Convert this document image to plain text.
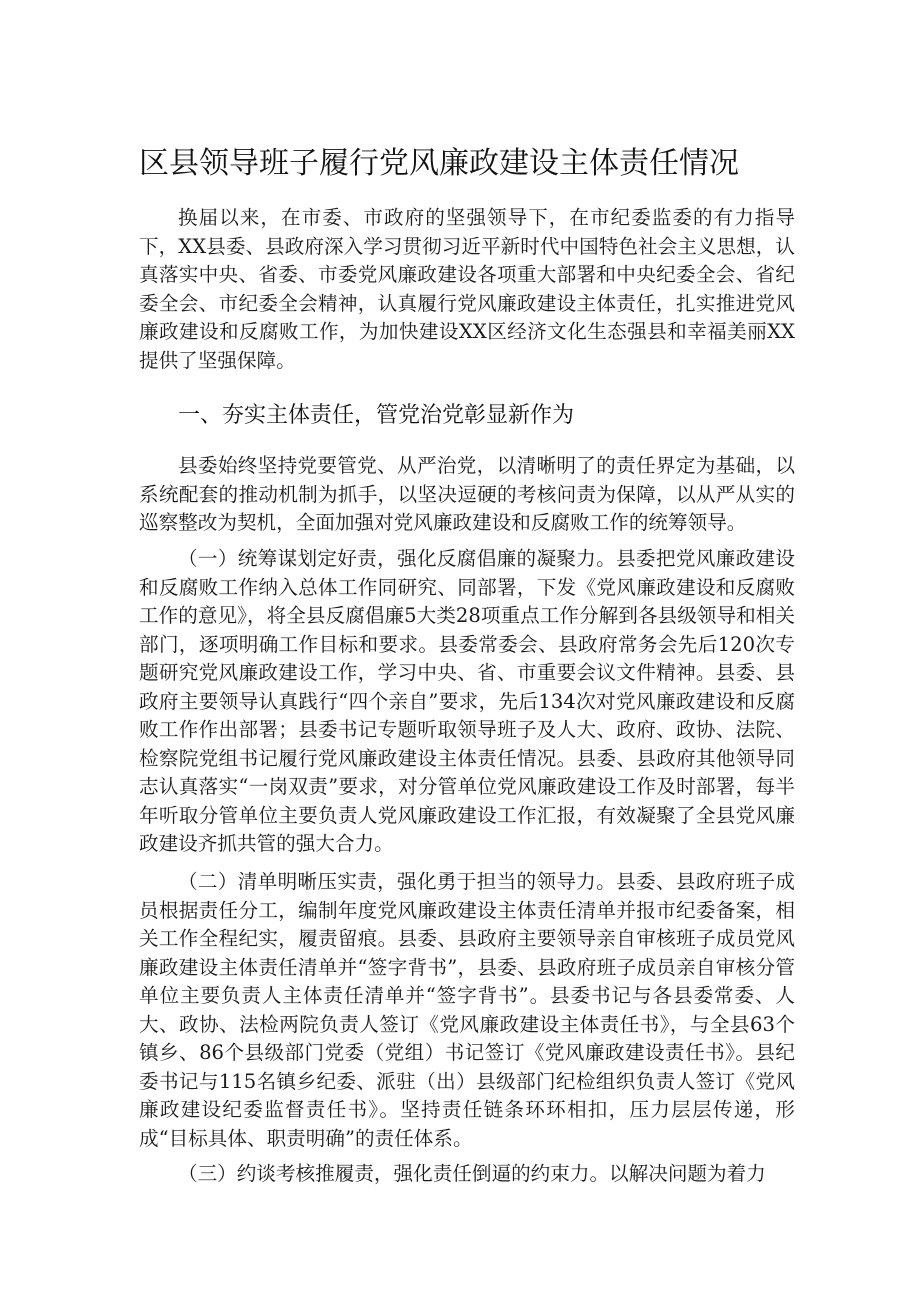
区县领导班子履行党风廉政建设主体责任情况

换届以来，在市委、市政府的坚强领导下，在市纪委监委的有力指导下，XX县委、县政府深入学习贯彻习近平新时代中国特色社会主义思想，认真落实中央、省委、市委党风廉政建设各项重大部署和中央纪委全会、省纪委全会、市纪委全会精神，认真履行党风廉政建设主体责任，扎实推进党风廉政建设和反腐败工作，为加快建设XX区经济文化生态强县和幸福美丽XX提供了坚强保障。

一、夯实主体责任，管党治党彰显新作为

县委始终坚持党要管党、从严治党，以清晰明了的责任界定为基础，以系统配套的推动机制为抓手，以坚决逗硬的考核问责为保障，以从严从实的巡察整改为契机，全面加强对党风廉政建设和反腐败工作的统筹领导。

（一）统筹谋划定好责，强化反腐倡廉的凝聚力。县委把党风廉政建设和反腐败工作纳入总体工作同研究、同部署，下发《党风廉政建设和反腐败工作的意见》，将全县反腐倡廉5大类28项重点工作分解到各县级领导和相关部门，逐项明确工作目标和要求。县委常委会、县政府常务会先后120次专题研究党风廉政建设工作，学习中央、省、市重要会议文件精神。县委、县政府主要领导认真践行“四个亲自”要求，先后134次对党风廉政建设和反腐败工作作出部署；县委书记专题听取领导班子及人大、政府、政协、法院、检察院党组书记履行党风廉政建设主体责任情况。县委、县政府其他领导同志认真落实“一岗双责”要求，对分管单位党风廉政建设工作及时部署，每半年听取分管单位主要负责人党风廉政建设工作汇报，有效凝聚了全县党风廉政建设齐抓共管的强大合力。

（二）清单明晰压实责，强化勇于担当的领导力。县委、县政府班子成员根据责任分工，编制年度党风廉政建设主体责任清单并报市纪委备案，相关工作全程纪实，履责留痕。县委、县政府主要领导亲自审核班子成员党风廉政建设主体责任清单并“签字背书”，县委、县政府班子成员亲自审核分管单位主要负责人主体责任清单并“签字背书”。县委书记与各县委常委、人大、政协、法检两院负责人签订《党风廉政建设主体责任书》，与全县63个镇乡、86个县级部门党委（党组）书记签订《党风廉政建设责任书》。县纪委书记与115名镇乡纪委、派驻（出）县级部门纪检组织负责人签订《党风廉政建设纪委监督责任书》。坚持责任链条环环相扣，压力层层传递，形成“目标具体、职责明确”的责任体系。

（三）约谈考核推履责，强化责任倒逼的约束力。以解决问题为着力
